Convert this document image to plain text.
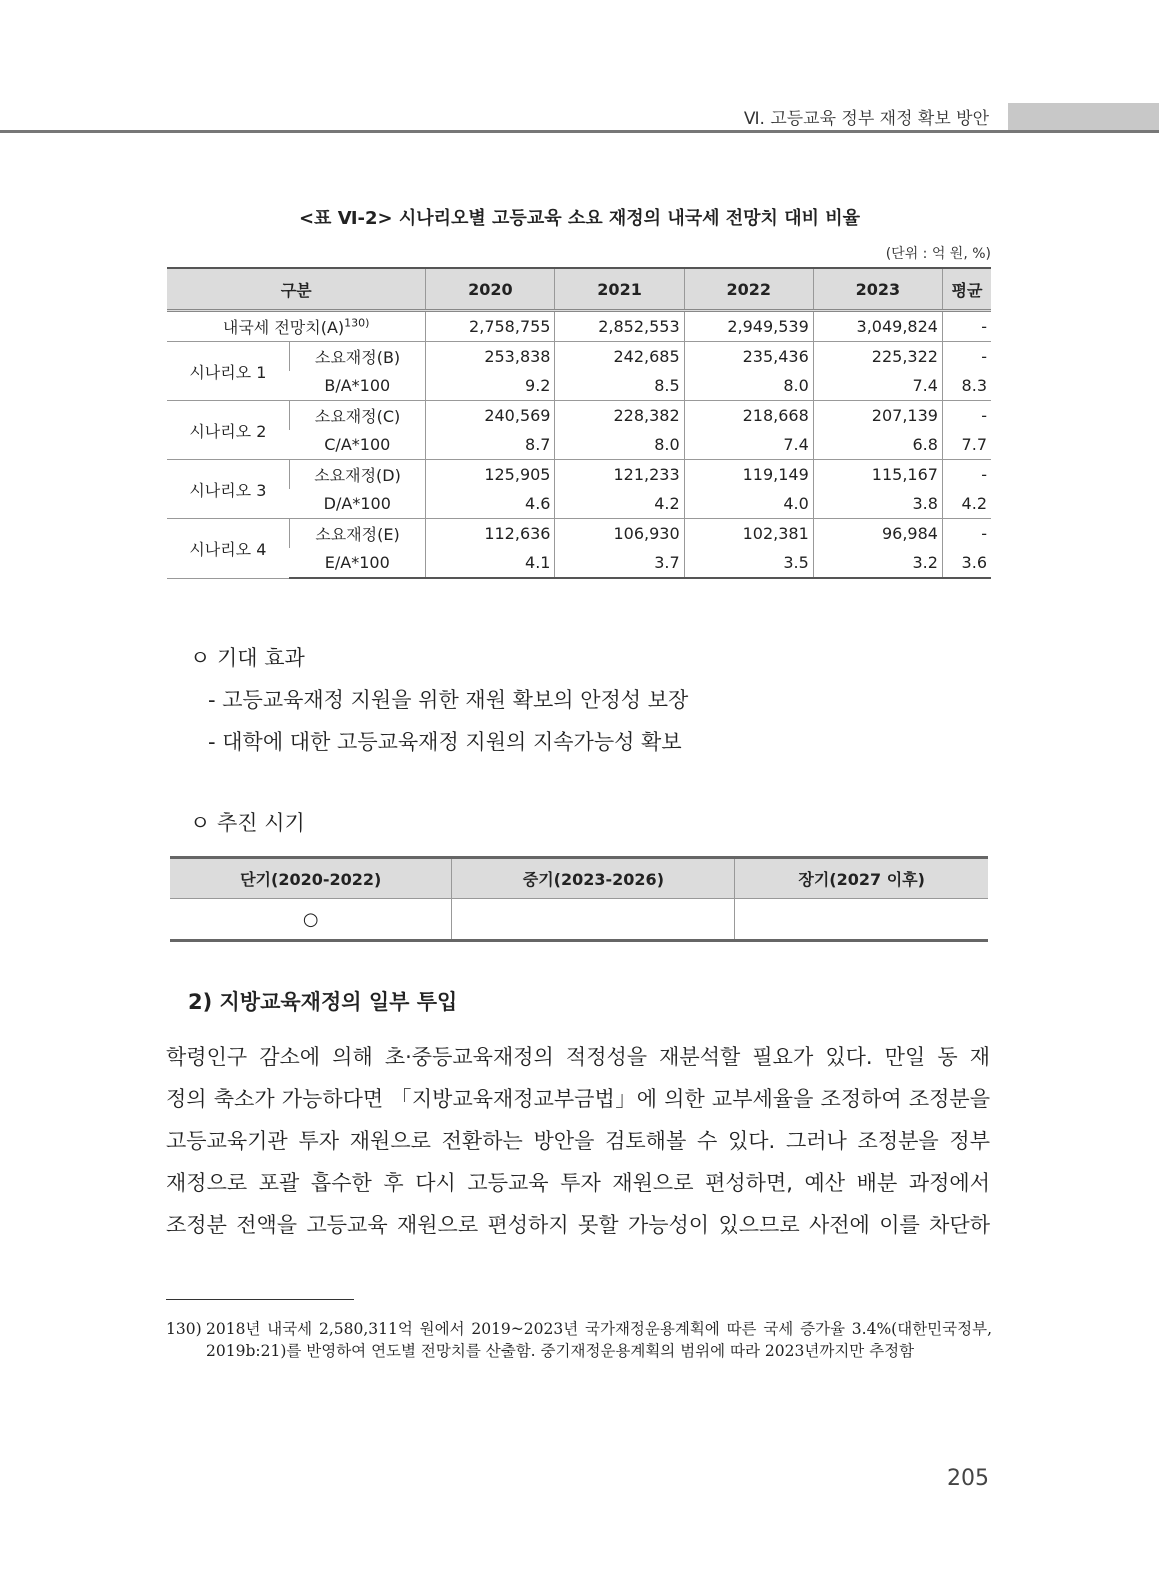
Ⅵ. 고등교육 정부 재정 확보 방안
<표 Ⅵ-2> 시나리오별 고등교육 소요 재정의 내국세 전망치 대비 비율
(단위 : 억 원, %)
구분		2020	2021	2022	2023	평균
내국세 전망치$(A)^{130)}$		2,758,755	2,852,553	2,949,539	3,049,824	-
시나리오 1	소요재정(B)	253,838	242,685	235,436	225,322	-
	B/A*100	9.2	8.5	8.0	7.4	8.3
시나리오 2	소요재정(C)	240,569	228,382	218,668	207,139	-
	C/A*100	8.7	8.0	7.4	6.8	7.7
시나리오 3	소요재정(D)	125,905	121,233	119,149	115,167	-
	D/A*100	4.6	4.2	4.0	3.8	4.2
시나리오 4	소요재정(E)	112,636	106,930	102,381	96,984	-
	E/A*100	4.1	3.7	3.5	3.2	3.6
ㅇ 기대 효과
- 고등교육재정 지원을 위한 재원 확보의 안정성 보장
- 대학에 대한 고등교육재정 지원의 지속가능성 확보
ㅇ 추진 시기
단기(2020-2022)	중기(2023-2026)	장기(2027 이후)
○		
2) 지방교육재정의 일부 투입
학령인구 감소에 의해 초·중등교육재정의 적정성을 재분석할 필요가 있다. 만일 동 재
정의 축소가 가능하다면 「지방교육재정교부금법」에 의한 교부세율을 조정하여 조정분을
고등교육기관 투자 재원으로 전환하는 방안을 검토해볼 수 있다. 그러나 조정분을 정부
재정으로 포괄 흡수한 후 다시 고등교육 투자 재원으로 편성하면, 예산 배분 과정에서
조정분 전액을 고등교육 재원으로 편성하지 못할 가능성이 있으므로 사전에 이를 차단하
130) 2018년 내국세 2,580,311억 원에서 2019~2023년 국가재정운용계획에 따른 국세 증가율 3.4%(대한민국정부, 2019b:21)를 반영하여 연도별 전망치를 산출함. 중기재정운용계획의 범위에 따라 2023년까지만 추정함
205
